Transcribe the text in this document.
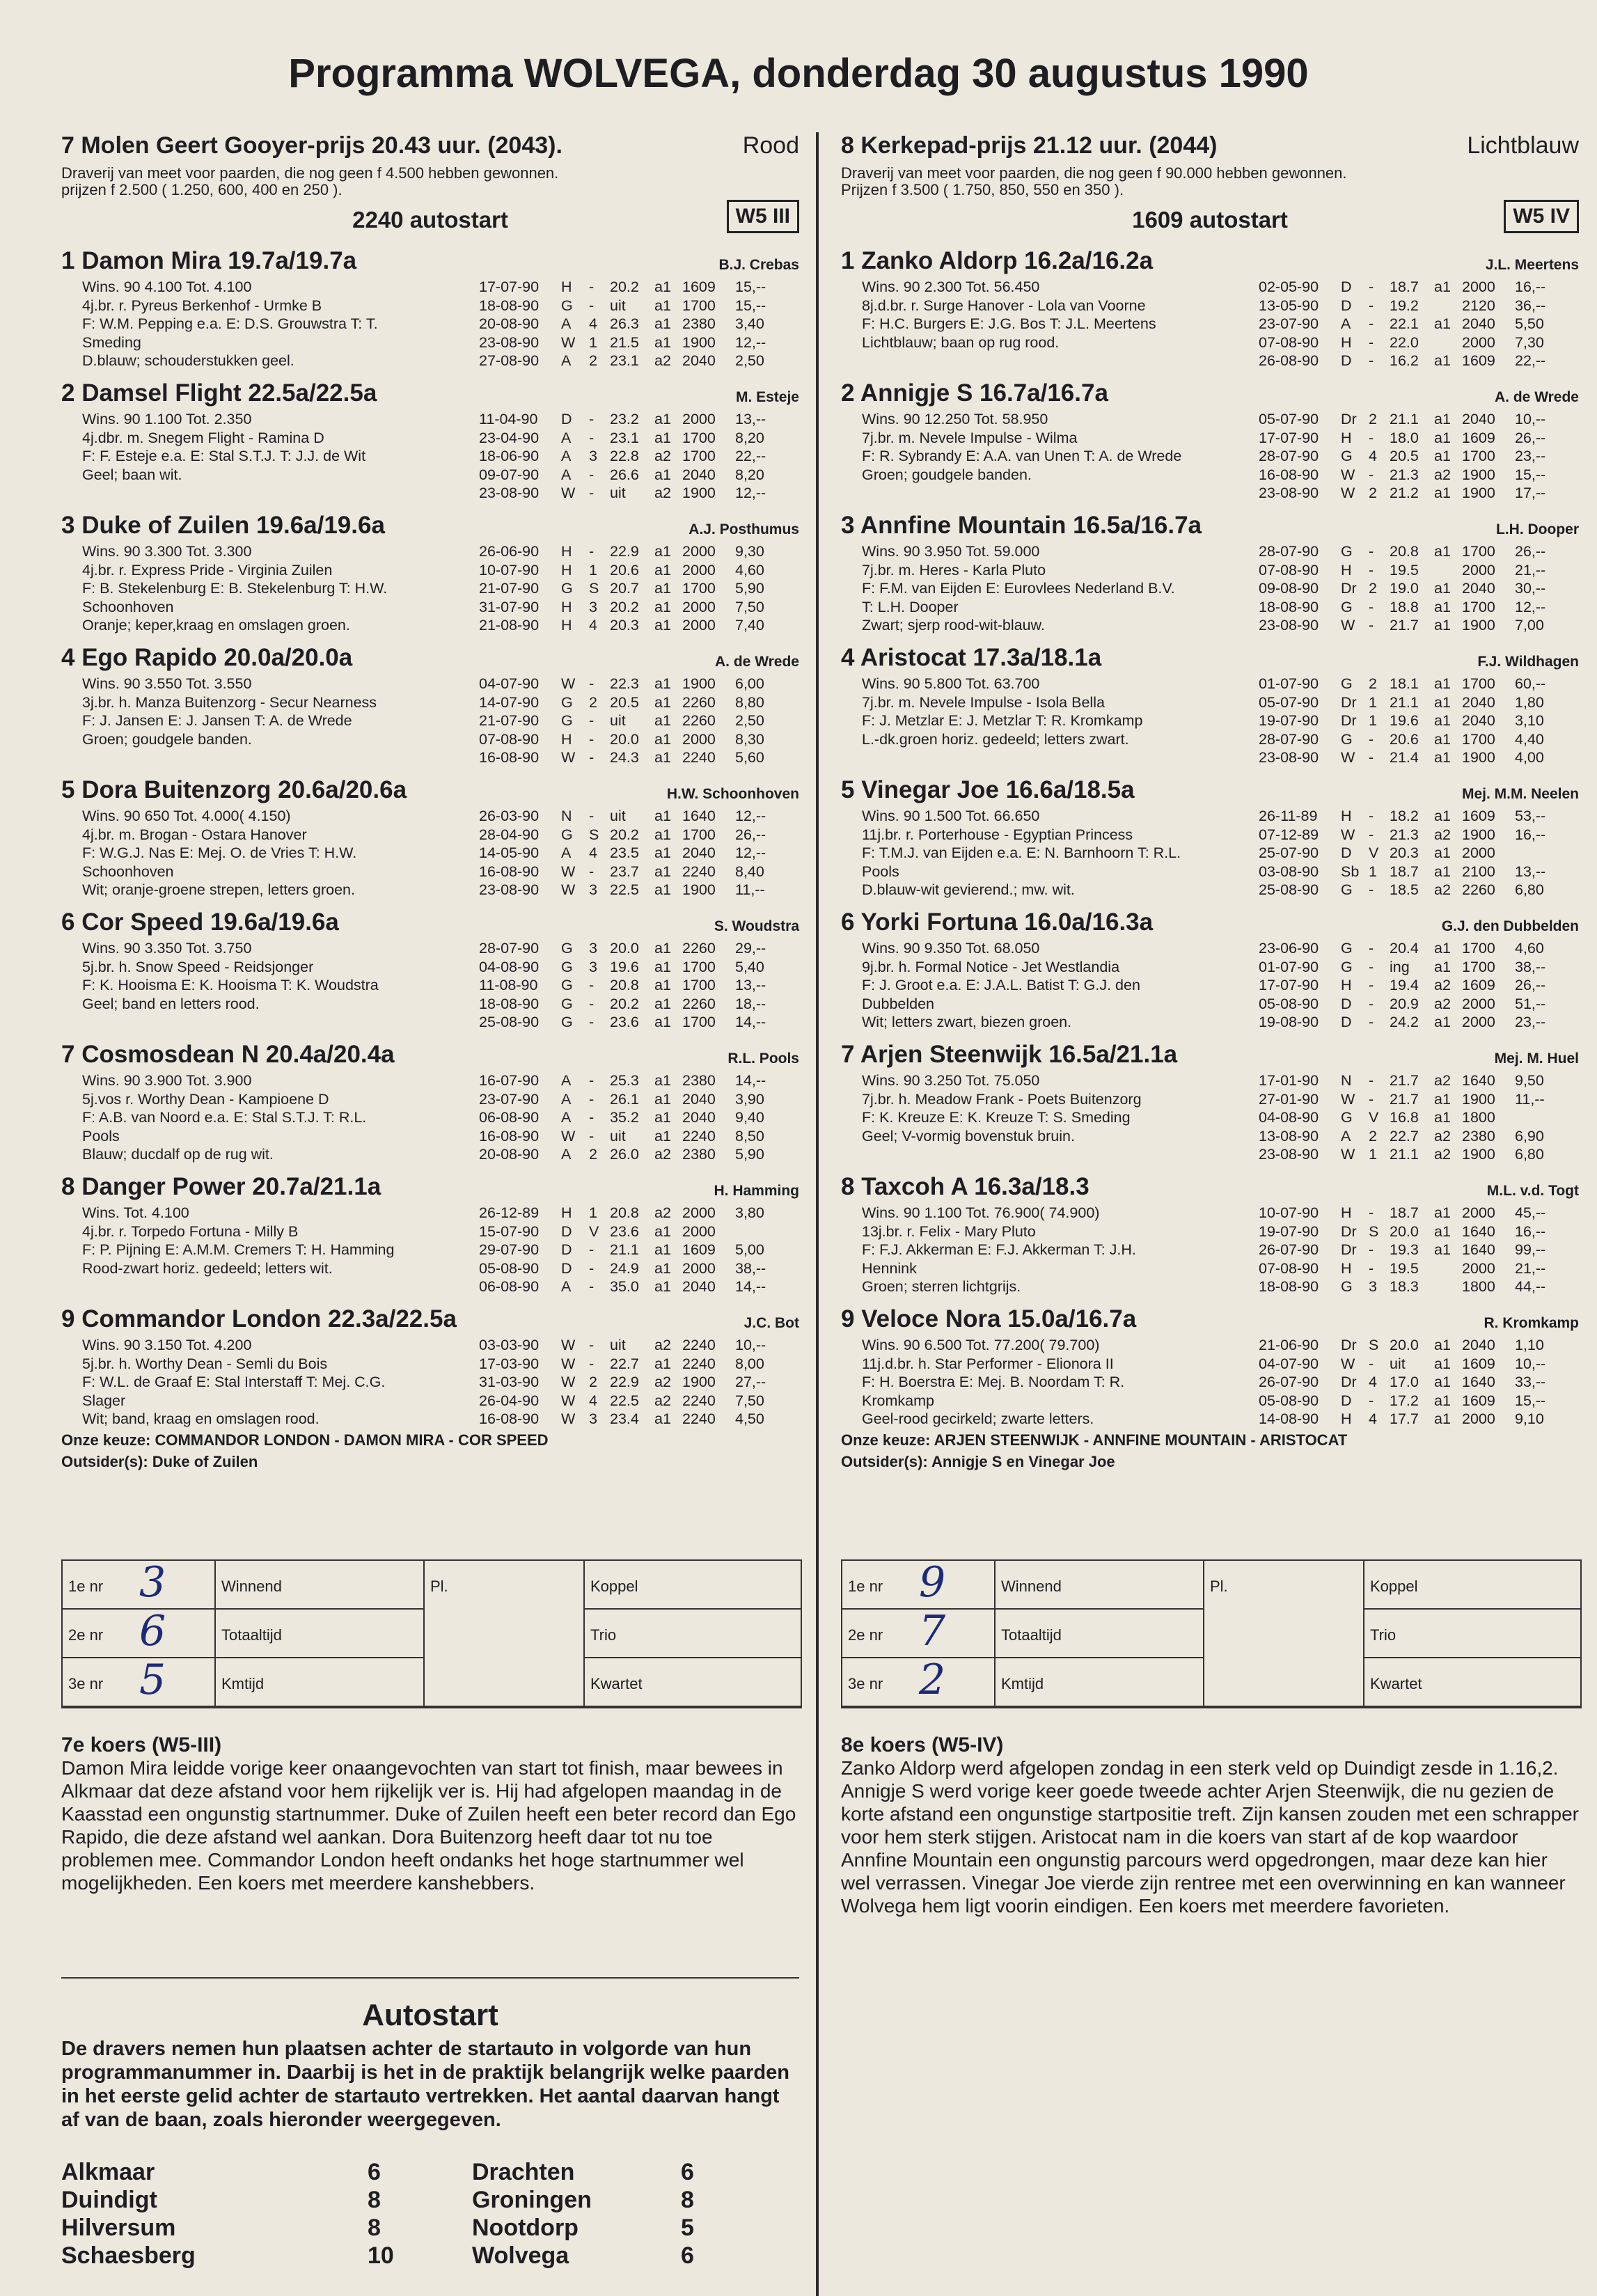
Programma WOLVEGA, donderdag 30 augustus 1990
7 Molen Geert Gooyer-prijs 20.43 uur. (2043).	Rood
Draverij van meet voor paarden, die nog geen f 4.500 hebben gewonnen.
prijzen f 2.500 ( 1.250, 600, 400 en 250 ).
2240 autostart	W5 III
1 Damon Mira 19.7a/19.7a	B.J. Crebas
Wins. 90 4.100 Tot. 4.100
4j.br. r. Pyreus Berkenhof - Urmke B
F: W.M. Pepping e.a. E: D.S. Grouwstra T: T.
Smeding
D.blauw; schouderstukken geel.
17-07-90	H	-	20.2	a1 1609	15,--
18-08-90	G	-	uit	a1 1700	15,--
20-08-90	A	4 26.3	a1 2380	3,40
23-08-90	W 1 21.5	a1 1900	12,--
27-08-90	A	2 23.1	a2 2040	2,50
2 Damsel Flight 22.5a/22.5a	M. Esteje
Wins. 90 1.100 Tot. 2.350
4j.dbr. m. Snegem Flight - Ramina D
F: F. Esteje e.a. E: Stal S.T.J. T: J.J. de Wit
Geel; baan wit.
11-04-90	D	-	23.2	a1 2000	13,--
23-04-90	A	-	23.1	a1 1700	8,20
18-06-90	A	3 22.8	a2 1700	22,--
09-07-90	A	-	26.6	a1 2040	8,20
23-08-90	W -	uit	a2 1900	12,--
3 Duke of Zuilen 19.6a/19.6a	A.J. Posthumus
Wins. 90 3.300 Tot. 3.300
4j.br. r. Express Pride - Virginia Zuilen
F: B. Stekelenburg E: B. Stekelenburg T: H.W.
Schoonhoven
Oranje; keper,kraag en omslagen groen.
26-06-90	H	-	22.9	a1 2000	9,30
10-07-90	H	1 20.6	a1 2000	4,60
21-07-90	G	S 20.7	a1 1700	5,90
31-07-90	H	3 20.2	a1 2000	7,50
21-08-90	H	4 20.3	a1 2000	7,40
4 Ego Rapido 20.0a/20.0a	A. de Wrede
Wins. 90 3.550 Tot. 3.550
3j.br. h. Manza Buitenzorg - Secur Nearness
F: J. Jansen E: J. Jansen T: A. de Wrede
Groen; goudgele banden.
04-07-90	W -	22.3	a1 1900	6,00
14-07-90	G	2 20.5	a1 2260	8,80
21-07-90	G	-	uit	a1 2260	2,50
07-08-90	H	-	20.0	a1 2000	8,30
16-08-90	W -	24.3	a1 2240	5,60
5 Dora Buitenzorg 20.6a/20.6a	H.W. Schoonhoven
Wins. 90 650 Tot. 4.000( 4.150)
4j.br. m. Brogan - Ostara Hanover
F: W.G.J. Nas E: Mej. O. de Vries T: H.W.
Schoonhoven
Wit; oranje-groene strepen, letters groen.
26-03-90	N	-	uit	a1 1640	12,--
28-04-90	G	S 20.2	a1 1700	26,--
14-05-90	A	4 23.5	a1 2040	12,--
16-08-90	W -	23.7	a1 2240	8,40
23-08-90	W 3 22.5	a1 1900	11,--
6 Cor Speed 19.6a/19.6a	S. Woudstra
Wins. 90 3.350 Tot. 3.750
5j.br. h. Snow Speed - Reidsjonger
F: K. Hooisma E: K. Hooisma T: K. Woudstra
Geel; band en letters rood.
28-07-90	G	3 20.0	a1 2260	29,--
04-08-90	G	3 19.6	a1 1700	5,40
11-08-90	G	-	20.8	a1 1700	13,--
18-08-90	G	-	20.2	a1 2260	18,--
25-08-90	G	-	23.6	a1 1700	14,--
7 Cosmosdean N 20.4a/20.4a	R.L. Pools
Wins. 90 3.900 Tot. 3.900
5j.vos r. Worthy Dean - Kampioene D
F: A.B. van Noord e.a. E: Stal S.T.J. T: R.L.
Pools
Blauw; ducdalf op de rug wit.
16-07-90	A	-	25.3	a1 2380	14,--
23-07-90	A	-	26.1	a1 2040	3,90
06-08-90	A	-	35.2	a1 2040	9,40
16-08-90	W -	uit	a1 2240	8,50
20-08-90	A	2 26.0	a2 2380	5,90
8 Danger Power 20.7a/21.1a	H. Hamming
Wins. Tot. 4.100
4j.br. r. Torpedo Fortuna - Milly B
F: P. Pijning E: A.M.M. Cremers T: H. Hamming
Rood-zwart horiz. gedeeld; letters wit.
26-12-89	H	1 20.8	a2 2000	3,80
15-07-90	D	V 23.6	a1 2000
29-07-90	D	-	21.1	a1 1609	5,00
05-08-90	D	-	24.9	a1 2000	38,--
06-08-90	A	-	35.0	a1 2040	14,--
9 Commandor London 22.3a/22.5a	J.C. Bot
Wins. 90 3.150 Tot. 4.200
5j.br. h. Worthy Dean - Semli du Bois
F: W.L. de Graaf E: Stal Interstaff T: Mej. C.G.
Slager
Wit; band, kraag en omslagen rood.
03-03-90	W -	uit	a2 2240	10,--
17-03-90	W -	22.7	a1 2240	8,00
31-03-90	W 2 22.9	a2 1900	27,--
26-04-90	W 4 22.5	a2 2240	7,50
16-08-90	W 3 23.4	a1 2240	4,50
Onze keuze: COMMANDOR LONDON - DAMON MIRA - COR SPEED
Outsider(s): Duke of Zuilen
8 Kerkepad-prijs 21.12 uur. (2044)	Lichtblauw
Draverij van meet voor paarden, die nog geen f 90.000 hebben gewonnen.
Prijzen f 3.500 ( 1.750, 850, 550 en 350 ).
1609 autostart	W5 IV
1 Zanko Aldorp 16.2a/16.2a	J.L. Meertens
Wins. 90 2.300 Tot. 56.450
8j.d.br. r. Surge Hanover - Lola van Voorne
F: H.C. Burgers E: J.G. Bos T: J.L. Meertens
Lichtblauw; baan op rug rood.
02-05-90	D	-	18.7	a1 2000	16,--
13-05-90	D	-	19.2	2120	36,--
23-07-90	A	-	22.1	a1 2040	5,50
07-08-90	H	-	22.0	2000	7,30
26-08-90	D	-	16.2	a1 1609	22,--
2 Annigje S 16.7a/16.7a	A. de Wrede
Wins. 90 12.250 Tot. 58.950
7j.br. m. Nevele Impulse - Wilma
F: R. Sybrandy E: A.A. van Unen T: A. de Wrede
Groen; goudgele banden.
05-07-90	Dr 2 21.1	a1 2040	10,--
17-07-90	H	-	18.0	a1 1609	26,--
28-07-90	G	4 20.5	a1 1700	23,--
16-08-90	W -	21.3	a2 1900	15,--
23-08-90	W 2 21.2	a1 1900	17,--
3 Annfine Mountain 16.5a/16.7a	L.H. Dooper
Wins. 90 3.950 Tot. 59.000
7j.br. m. Heres - Karla Pluto
F: F.M. van Eijden E: Eurovlees Nederland B.V.
T: L.H. Dooper
Zwart; sjerp rood-wit-blauw.
28-07-90	G	-	20.8	a1 1700	26,--
07-08-90	H	-	19.5	2000	21,--
09-08-90	Dr 2 19.0	a1 2040	30,--
18-08-90	G	-	18.8	a1 1700	12,--
23-08-90	W -	21.7	a1 1900	7,00
4 Aristocat 17.3a/18.1a	F.J. Wildhagen
Wins. 90 5.800 Tot. 63.700
7j.br. m. Nevele Impulse - Isola Bella
F: J. Metzlar E: J. Metzlar T: R. Kromkamp
L.-dk.groen horiz. gedeeld; letters zwart.
01-07-90	G	2 18.1	a1 1700	60,--
05-07-90	Dr 1 21.1	a1 2040	1,80
19-07-90	Dr 1 19.6	a1 2040	3,10
28-07-90	G	-	20.6	a1 1700	4,40
23-08-90	W -	21.4	a1 1900	4,00
5 Vinegar Joe 16.6a/18.5a	Mej. M.M. Neelen
Wins. 90 1.500 Tot. 66.650
11j.br. r. Porterhouse - Egyptian Princess
F: T.M.J. van Eijden e.a. E: N. Barnhoorn T: R.L.
Pools
D.blauw-wit gevierend.; mw. wit.
26-11-89	H	-	18.2	a1 1609	53,--
07-12-89	W -	21.3	a2 1900	16,--
25-07-90	D	V 20.3	a1 2000
03-08-90	Sb 1 18.7	a1 2100	13,--
25-08-90	G	-	18.5	a2 2260	6,80
6 Yorki Fortuna 16.0a/16.3a	G.J. den Dubbelden
Wins. 90 9.350 Tot. 68.050
9j.br. h. Formal Notice - Jet Westlandia
F: J. Groot e.a. E: J.A.L. Batist T: G.J. den
Dubbelden
Wit; letters zwart, biezen groen.
23-06-90	G	-	20.4	a1 1700	4,60
01-07-90	G	-	ing	a1 1700	38,--
17-07-90	H	-	19.4	a2 1609	26,--
05-08-90	D	-	20.9	a2 2000	51,--
19-08-90	D	-	24.2	a1 2000	23,--
7 Arjen Steenwijk 16.5a/21.1a	Mej. M. Huel
Wins. 90 3.250 Tot. 75.050
7j.br. h. Meadow Frank - Poets Buitenzorg
F: K. Kreuze E: K. Kreuze T: S. Smeding
Geel; V-vormig bovenstuk bruin.
17-01-90	N	-	21.7	a2 1640	9,50
27-01-90	W -	21.7	a1 1900	11,--
04-08-90	G	V 16.8	a1 1800
13-08-90	A	2 22.7	a2 2380	6,90
23-08-90	W 1 21.1	a2 1900	6,80
8 Taxcoh A 16.3a/18.3	M.L. v.d. Togt
Wins. 90 1.100 Tot. 76.900( 74.900)
13j.br. r. Felix - Mary Pluto
F: F.J. Akkerman E: F.J. Akkerman T: J.H.
Hennink
Groen; sterren lichtgrijs.
10-07-90	H	-	18.7	a1 2000	45,--
19-07-90	Dr S 20.0	a1 1640	16,--
26-07-90	Dr -	19.3	a1 1640	99,--
07-08-90	H	-	19.5	2000	21,--
18-08-90	G	3 18.3	1800	44,--
9 Veloce Nora 15.0a/16.7a	R. Kromkamp
Wins. 90 6.500 Tot. 77.200( 79.700)
11j.d.br. h. Star Performer - Elionora II
F: H. Boerstra E: Mej. B. Noordam T: R.
Kromkamp
Geel-rood gecirkeld; zwarte letters.
21-06-90	Dr S 20.0	a1 2040	1,10
04-07-90	W -	uit	a1 1609	10,--
26-07-90	Dr 4 17.0	a1 1640	33,--
05-08-90	D	-	17.2	a1 1609	15,--
14-08-90	H	4 17.7	a1 2000	9,10
Onze keuze: ARJEN STEENWIJK - ANNFINE MOUNTAIN - ARISTOCAT
Outsider(s): Annigje S en Vinegar Joe
1e nr 3	Winnend	Pl.	Koppel
2e nr 6	Totaaltijd	Trio
3e nr 5	Kmtijd	Kwartet
1e nr 9	Winnend	Pl.	Koppel
2e nr 7	Totaaltijd	Trio
3e nr 2	Kmtijd	Kwartet
7e koers (W5-III)
Damon Mira leidde vorige keer onaangevochten van start tot finish, maar bewees in Alkmaar dat deze afstand voor hem rijkelijk ver is. Hij had afgelopen maandag in de Kaasstad een ongunstig startnummer. Duke of Zuilen heeft een beter record dan Ego Rapido, die deze afstand wel aankan. Dora Buitenzorg heeft daar tot nu toe problemen mee. Commandor London heeft ondanks het hoge startnummer wel mogelijkheden. Een koers met meerdere kanshebbers.
8e koers (W5-IV)
Zanko Aldorp werd afgelopen zondag in een sterk veld op Duindigt zesde in 1.16,2. Annigje S werd vorige keer goede tweede achter Arjen Steenwijk, die nu gezien de korte afstand een ongunstige startpositie treft. Zijn kansen zouden met een schrapper voor hem sterk stijgen. Aristocat nam in die koers van start af de kop waardoor Annfine Mountain een ongunstig parcours werd opgedrongen, maar deze kan hier wel verrassen. Vinegar Joe vierde zijn rentree met een overwinning en kan wanneer Wolvega hem ligt voorin eindigen. Een koers met meerdere favorieten.
Autostart

De dravers nemen hun plaatsen achter de startauto in volgorde van hun programmanummer in. Daarbij is het in de praktijk belangrijk welke paarden in het eerste gelid achter de startauto vertrekken. Het aantal daarvan hangt af van de baan, zoals hieronder weergegeven.

Alkmaar	6	Drachten	6
Duindigt	8	Groningen	8
Hilversum	8	Nootdorp	5
Schaesberg	10	Wolvega	6
